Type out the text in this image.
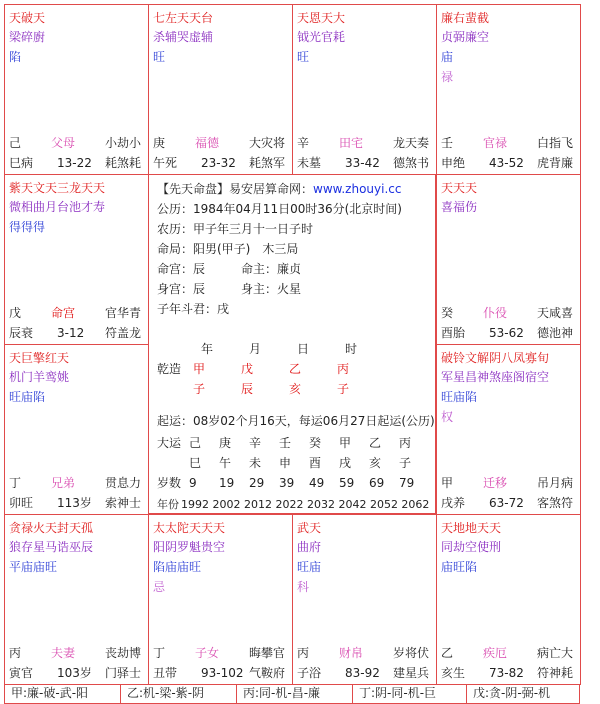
天破天
梁碎廚
陷
己 父母 小劫小
巳病 13-22 耗煞耗
七左天天台
杀辅哭虚辅
旺
庚 福德 大灾将
午死 23-32 耗煞军
天恩天大
钺光官耗
旺
辛 田宅 龙天奏
未墓 33-42 德煞书
廉右蜚截
贞弼廉空
庙
禄
壬 官禄 白指飞
申绝 43-52 虎背廉
紫天文天三龙天天
微相曲月台池才寿
得得得
戊 命宫 官华青
辰衰 3-12 符盖龙
天天天
喜福伤
癸 仆役 天咸喜
酉胎 53-62 德池神
天巨擎红天
机门羊鸾姚
旺庙陷
丁 兄弟 贯息力
卯旺 113岁 索神士
破铃文解阴八凤寡旬
军星昌神煞座阁宿空
旺庙陷
权
甲 迁移 吊月病
戌养 63-72 客煞符
贪禄火天封天孤
狼存星马诰巫辰
平庙庙旺
丙 夫妻 丧劫博
寅官 103岁 门驿士
太太陀天天天
阳阴罗魁贵空
陷庙庙旺
忌
丁 子女 晦攀官
丑带 93-102 气鞍府
武天
曲府
旺庙
科
丙 财帛 岁将伏
子浴 83-92 建星兵
天地地天天
同劫空使刑
庙旺陷
乙 疾厄 病亡大
亥生 73-82 符神耗
【先天命盘】易安居算命网：www.zhouyi.cc
公历：1984年04月11日00时36分(北京时间)
农历：甲子年三月十一日子时
命局：阳男(甲子)　木三局
命宫：辰	命主：廉贞
身宫：辰	身主：火星
子年斗君：戌
年	月	日	时
乾造 甲	戊	乙	丙
子	辰	亥	子
起运：08岁02个月16天，每运06月27日起运(公历)
大运 己 庚 辛 壬 癸 甲 乙 丙
巳 午 未 申 酉 戌 亥 子
岁数 9 19 29 39 49 59 69 79
年份 1992 2002 2012 2022 2032 2042 2052 2062
甲:廉-破-武-阳	乙:机-梁-紫-阴	丙:同-机-昌-廉	丁:阴-同-机-巨	戊:贪-阴-弼-机
